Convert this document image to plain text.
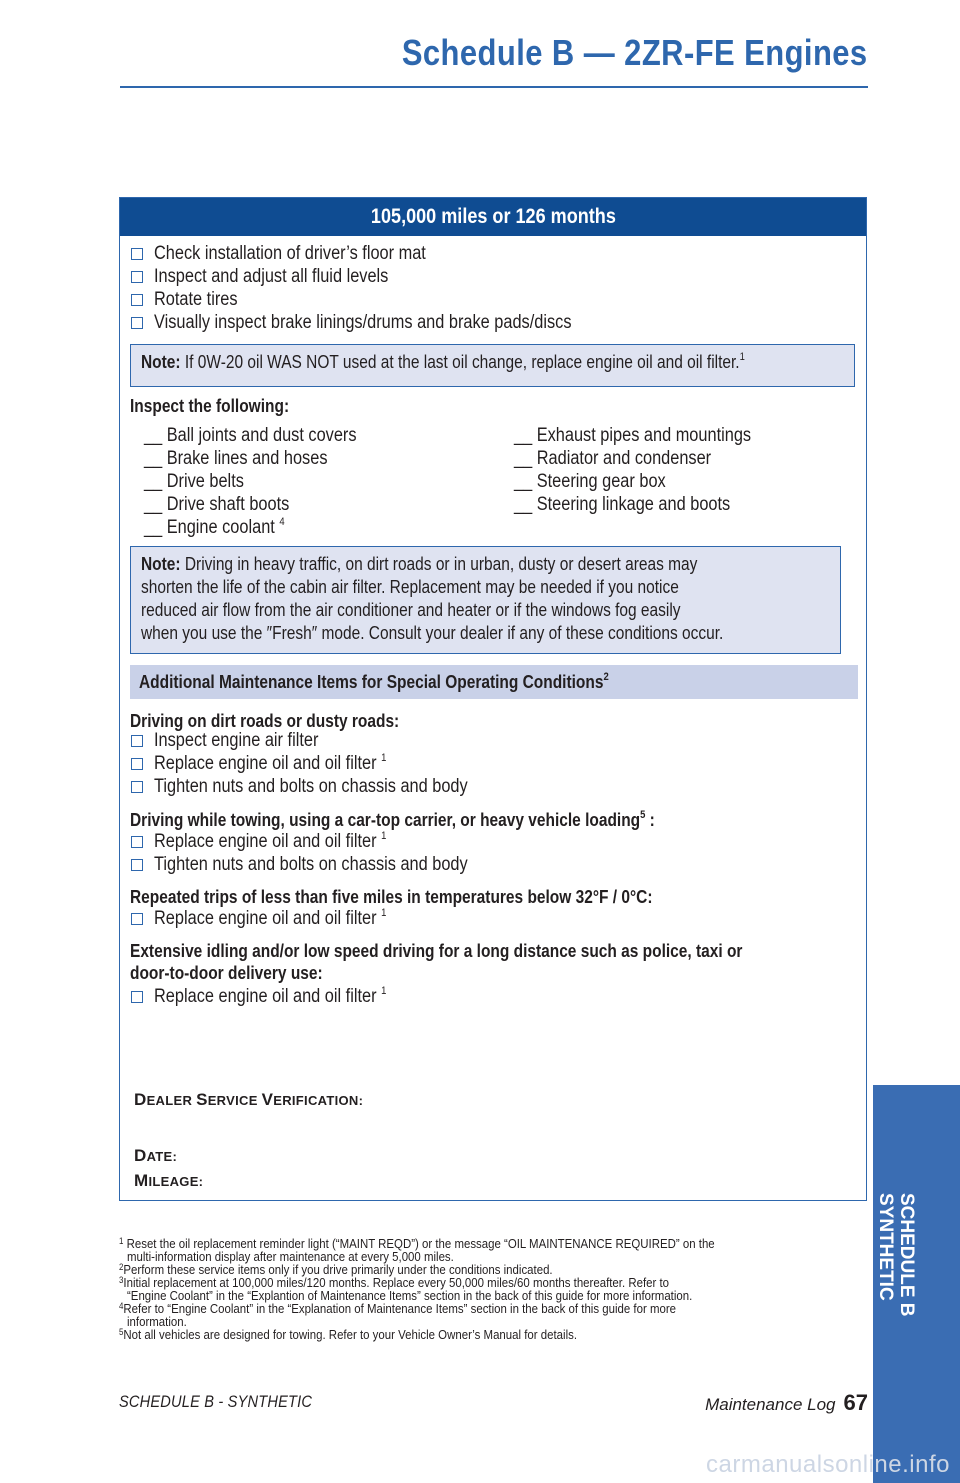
Schedule B — 2ZR-FE Engines
105,000 miles or 126 months
Check installation of driver’s floor mat
Inspect and adjust all fluid levels
Rotate tires
Visually inspect brake linings/drums and brake pads/discs
Note: If 0W-20 oil WAS NOT used at the last oil change, replace engine oil and oil filter.$^1$
Inspect the following:
__ Ball joints and dust covers
__ Brake lines and hoses
__ Drive belts
__ Drive shaft boots
__ Engine coolant $^4$
__ Exhaust pipes and mountings
__ Radiator and condenser
__ Steering gear box
__ Steering linkage and boots
Note: Driving in heavy traffic, on dirt roads or in urban, dusty or desert areas may
shorten the life of the cabin air filter. Replacement may be needed if you notice
reduced air flow from the air conditioner and heater or if the windows fog easily
when you use the ″Fresh″ mode. Consult your dealer if any of these conditions occur.
Additional Maintenance Items for Special Operating Conditions$^2$
Driving on dirt roads or dusty roads:
Inspect engine air filter
Replace engine oil and oil filter $^1$
Tighten nuts and bolts on chassis and body
Driving while towing, using a car-top carrier, or heavy vehicle loading$^5$ :
Replace engine oil and oil filter $^1$
Tighten nuts and bolts on chassis and body
Repeated trips of less than five miles in temperatures below 32°F / 0°C:
Replace engine oil and oil filter $^1$
Extensive idling and/or low speed driving for a long distance such as police, taxi or
door-to-door delivery use:
Replace engine oil and oil filter $^1$
DEALER SERVICE VERIFICATION:
DATE:
MILEAGE:
$^1$ Reset the oil replacement reminder light (“MAINT REQD”) or the message “OIL MAINTENANCE REQUIRED” on the
multi-information display after maintenance at every 5,000 miles.
$^2$Perform these service items only if you drive primarily under the conditions indicated.
$^3$Initial replacement at 100,000 miles/120 months. Replace every 50,000 miles/60 months thereafter. Refer to
“Engine Coolant” in the “Explantion of Maintenance Items” section in the back of this guide for more information.
$^4$Refer to “Engine Coolant” in the “Explanation of Maintenance Items” section in the back of this guide for more
information.
$^5$Not all vehicles are designed for towing. Refer to your Vehicle Owner’s Manual for details.
SCHEDULE B - SYNTHETIC	Maintenance Log 67
SCHEDULE B
SYNTHETIC
carmanualsonline.info
